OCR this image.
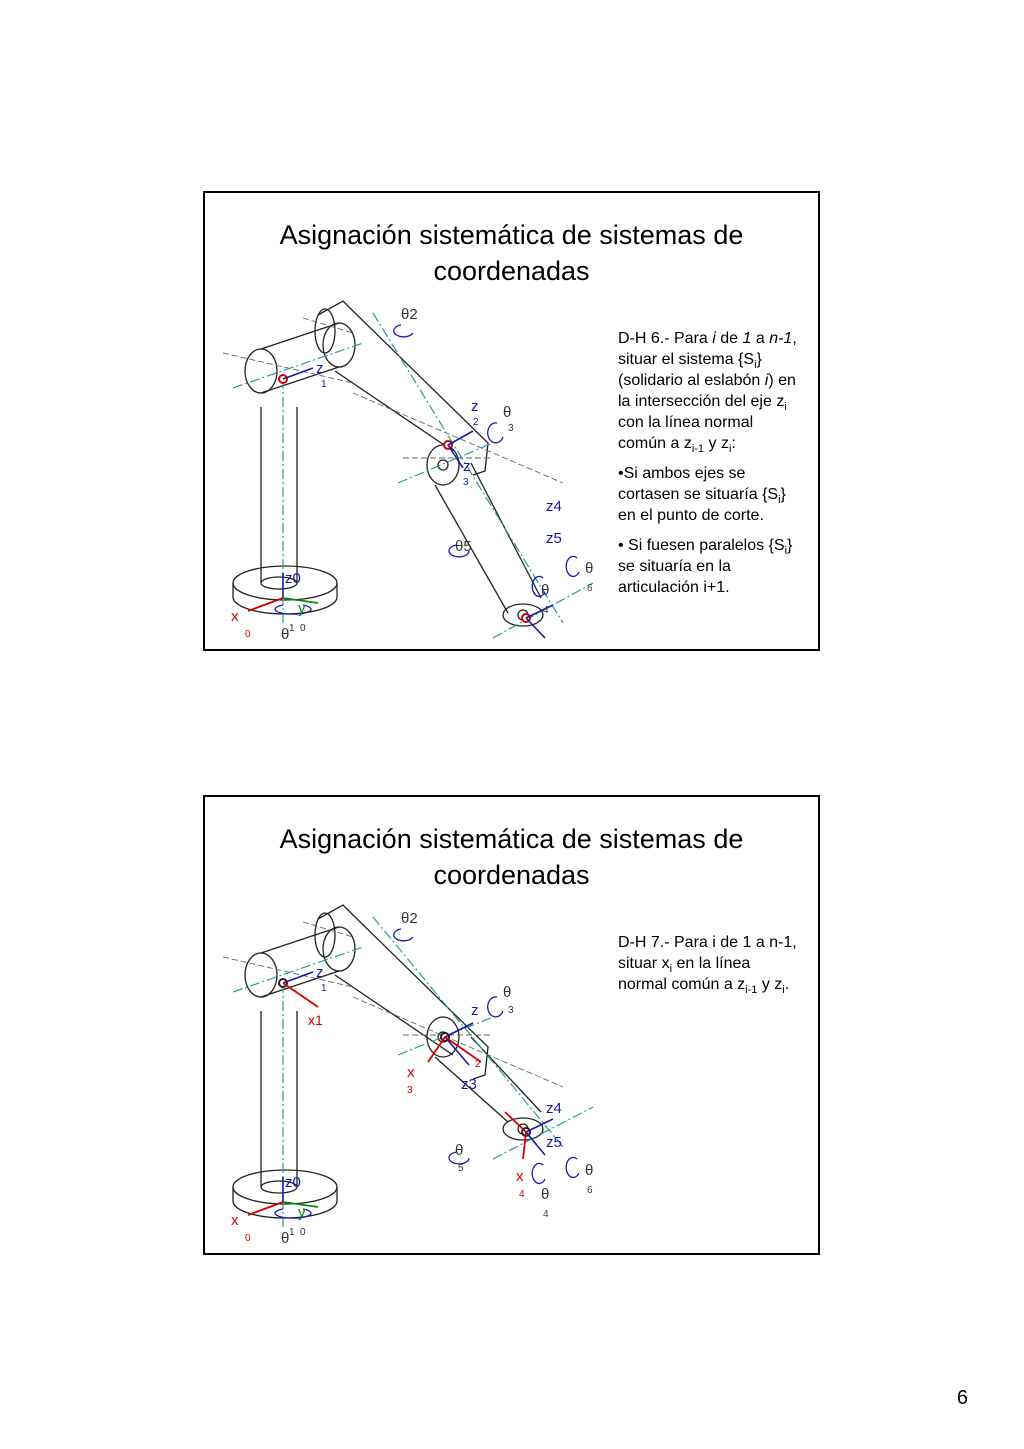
Asignación sistemática de sistemas de
coordenadas
θ2
θ
3
z
1
z
2
z
3
z4
z5
θ5
θ
4
θ
6
z0
x
0
y
0
θ 1

D-H 6.- Para i de 1 a n-1, situar el sistema $\{S_i\}$ (solidario al eslabón i) en la intersección del eje $z_i$ con la línea normal común a $z_{i-1}$ y $z_i$:

•Si ambos ejes se cortasen se situaría $\{S_i\}$ en el punto de corte.

• Si fuesen paralelos $\{S_i\}$ se situaría en la articulación i+1.

Asignación sistemática de sistemas de
coordenadas
θ2
θ
3
z
1
x1
z
2
x
3	z3
z4
z5
θ
5	x
4 θ
4
θ
6
z0
x
0
y
0
θ 1

D-H 7.- Para i de 1 a n-1, situar $x_i$ en la línea normal común a $z_{i-1}$ y $z_i$.

6
